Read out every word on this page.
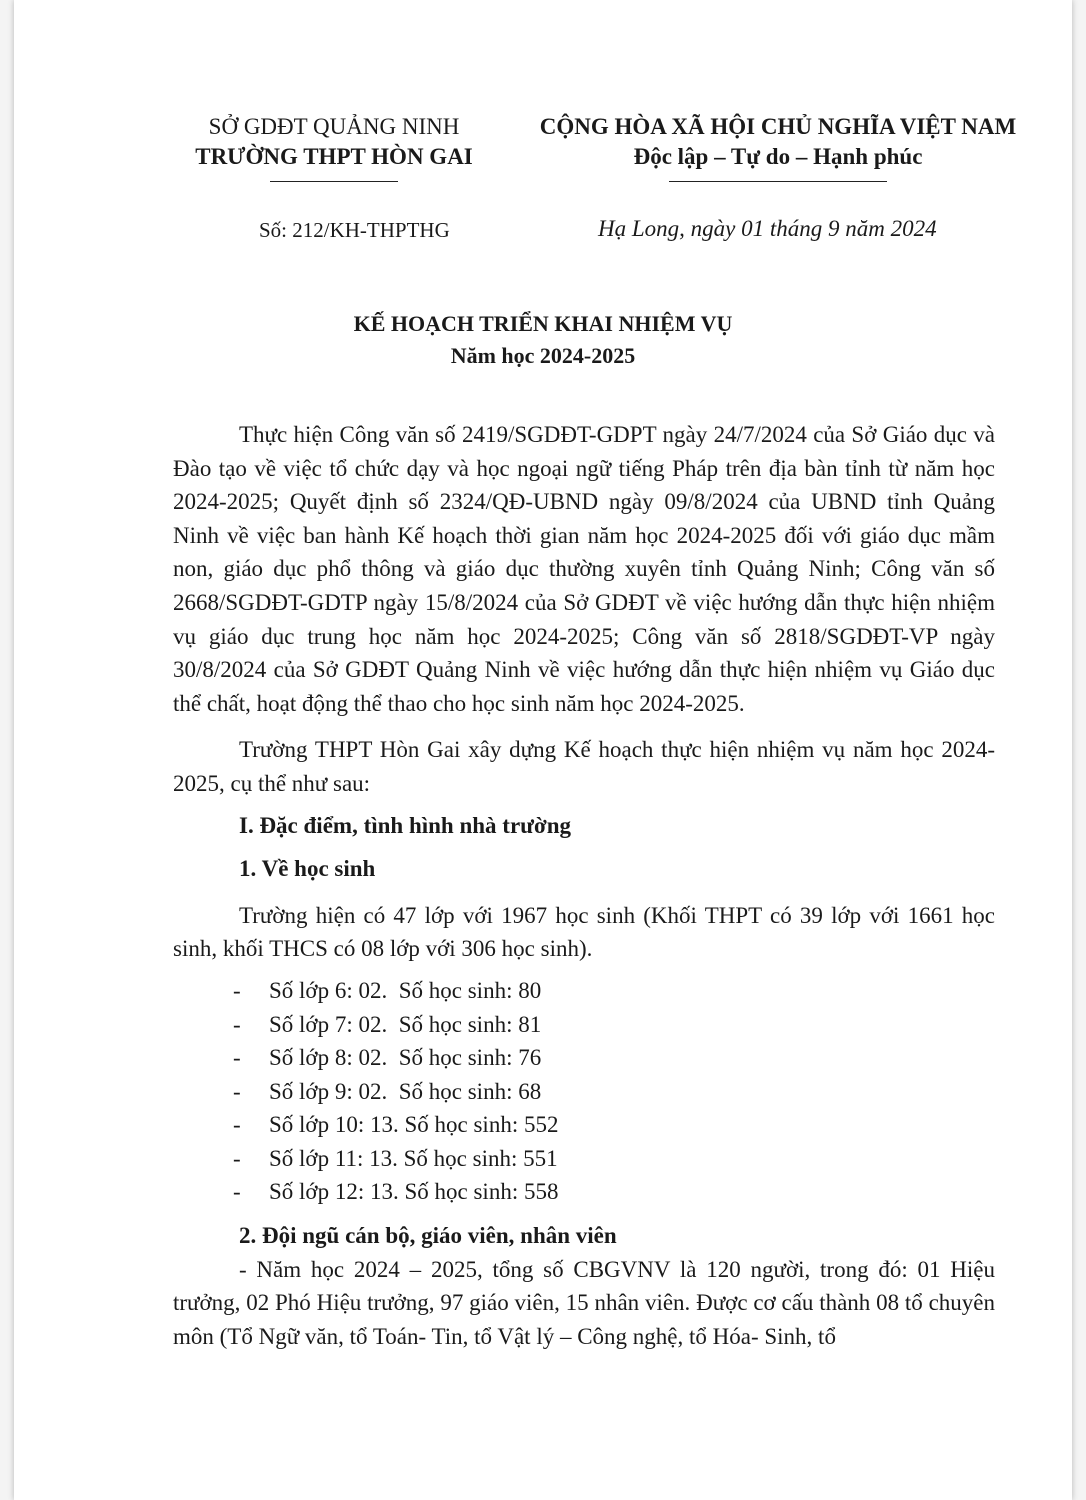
SỞ GDĐT QUẢNG NINH
TRƯỜNG THPT HÒN GAI
CỘNG HÒA XÃ HỘI CHỦ NGHĨA VIỆT NAM
Độc lập – Tự do – Hạnh phúc
Số: 212/KH-THPTHG	Hạ Long, ngày 01 tháng 9 năm 2024
KẾ HOẠCH TRIỂN KHAI NHIỆM VỤ
Năm học 2024-2025

Thực hiện Công văn số 2419/SGDĐT-GDPT ngày 24/7/2024 của Sở Giáo dục và Đào tạo về việc tổ chức dạy và học ngoại ngữ tiếng Pháp trên địa bàn tỉnh từ năm học 2024-2025; Quyết định số 2324/QĐ-UBND ngày 09/8/2024 của UBND tỉnh Quảng Ninh về việc ban hành Kế hoạch thời gian năm học 2024-2025 đối với giáo dục mầm non, giáo dục phổ thông và giáo dục thường xuyên tỉnh Quảng Ninh; Công văn số 2668/SGDĐT-GDTP ngày 15/8/2024 của Sở GDĐT về việc hướng dẫn thực hiện nhiệm vụ giáo dục trung học năm học 2024-2025; Công văn số 2818/SGDĐT-VP ngày 30/8/2024 của Sở GDĐT Quảng Ninh về việc hướng dẫn thực hiện nhiệm vụ Giáo dục thể chất, hoạt động thể thao cho học sinh năm học 2024-2025.

Trường THPT Hòn Gai xây dựng Kế hoạch thực hiện nhiệm vụ năm học 2024-2025, cụ thể như sau:

I. Đặc điểm, tình hình nhà trường
1. Về học sinh

Trường hiện có 47 lớp với 1967 học sinh (Khối THPT có 39 lớp với 1661 học sinh, khối THCS có 08 lớp với 306 học sinh).

- Số lớp 6: 02.  Số học sinh: 80
- Số lớp 7: 02.  Số học sinh: 81
- Số lớp 8: 02.  Số học sinh: 76
- Số lớp 9: 02.  Số học sinh: 68
- Số lớp 10: 13. Số học sinh: 552
- Số lớp 11: 13. Số học sinh: 551
- Số lớp 12: 13. Số học sinh: 558
2. Đội ngũ cán bộ, giáo viên, nhân viên

- Năm học 2024 – 2025, tổng số CBGVNV là 120 người, trong đó: 01 Hiệu trưởng, 02 Phó Hiệu trưởng, 97 giáo viên, 15 nhân viên. Được cơ cấu thành 08 tổ chuyên môn (Tổ Ngữ văn, tổ Toán- Tin, tổ Vật lý – Công nghệ, tổ Hóa- Sinh, tổ
